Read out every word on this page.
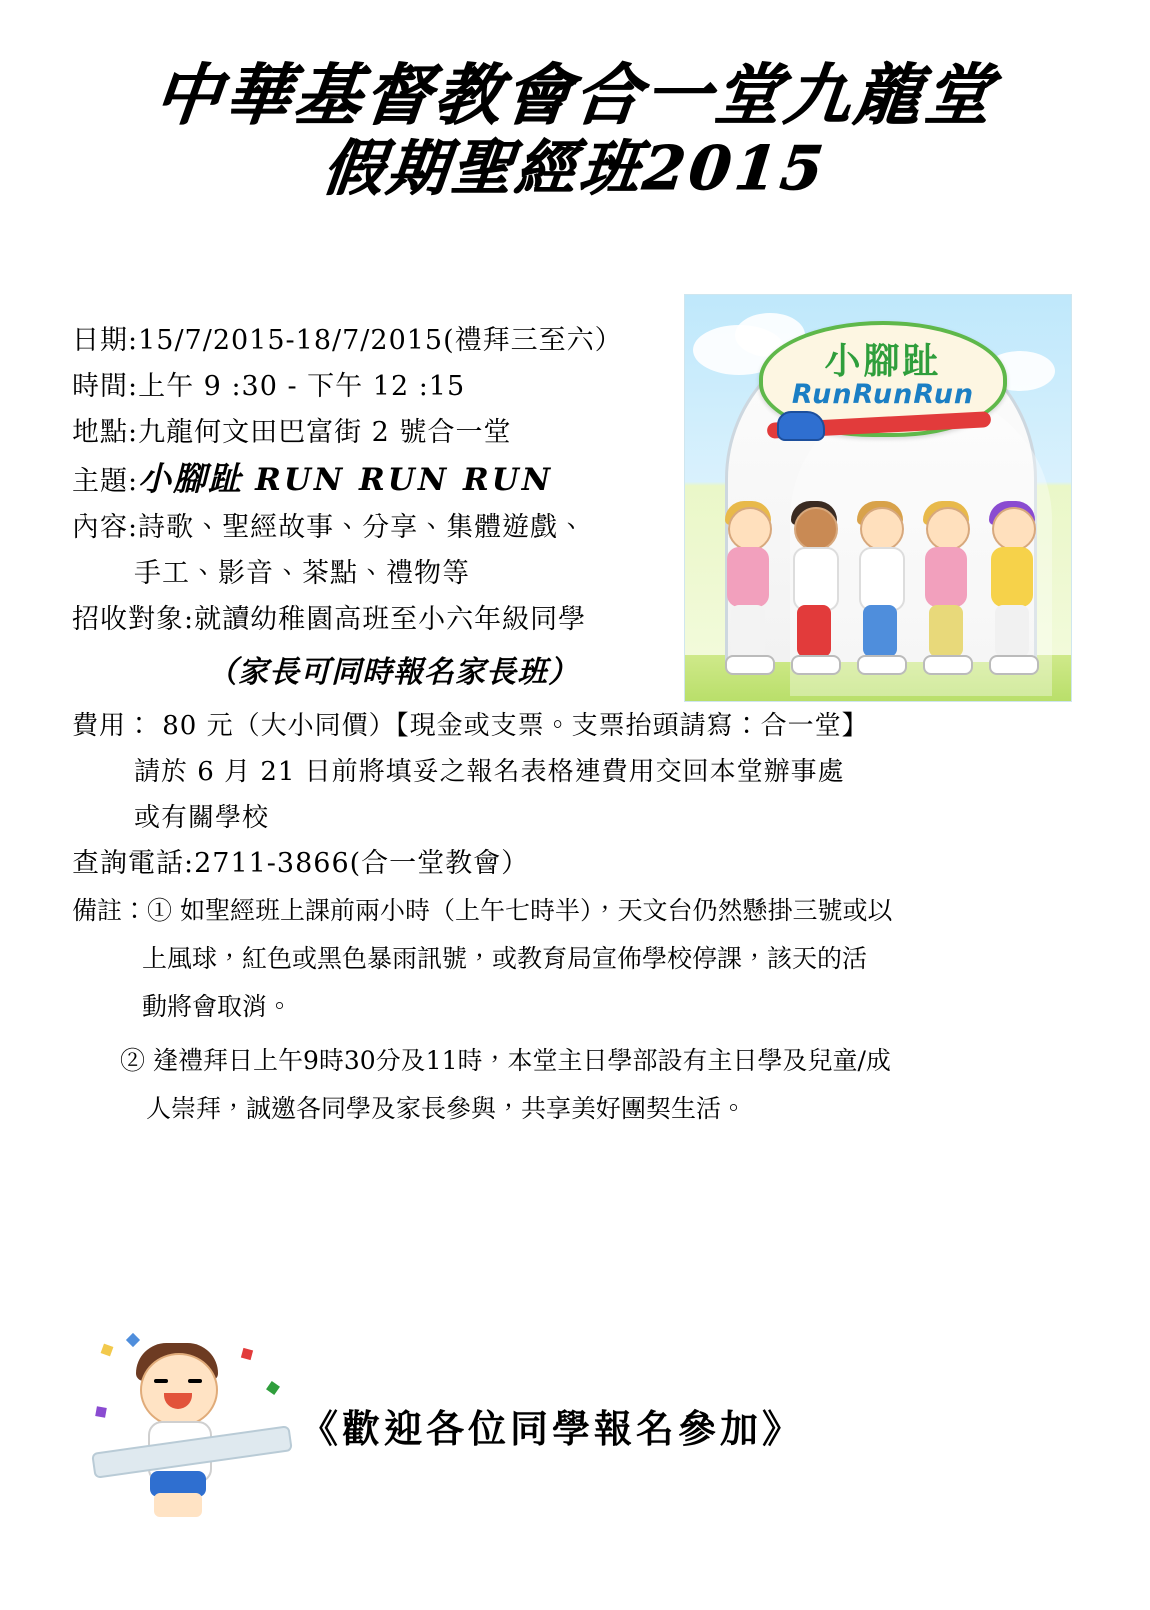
中華基督教會合一堂九龍堂
假期聖經班2015
小腳趾
RunRunRun
日期:15/7/2015-18/7/2015(禮拜三至六）
時間:上午 9 :30 - 下午 12 :15
地點:九龍何文田巴富街 2 號合一堂
主題:小腳趾 RUN RUN RUN
內容:詩歌、聖經故事、分享、集體遊戲、
手工、影音、茶點、禮物等
招收對象:就讀幼稚園高班至小六年級同學
（家長可同時報名家長班）
費用： 80 元（大小同價）【現金或支票。支票抬頭請寫：合一堂】
請於 6 月 21 日前將填妥之報名表格連費用交回本堂辦事處
或有關學校
查詢電話:2711-3866(合一堂教會）
備註：① 如聖經班上課前兩小時（上午七時半），天文台仍然懸掛三號或以
上風球，紅色或黑色暴雨訊號，或教育局宣佈學校停課，該天的活
動將會取消。
② 逢禮拜日上午9時30分及11時，本堂主日學部設有主日學及兒童/成
人崇拜，誠邀各同學及家長參與，共享美好團契生活。
《歡迎各位同學報名參加》
